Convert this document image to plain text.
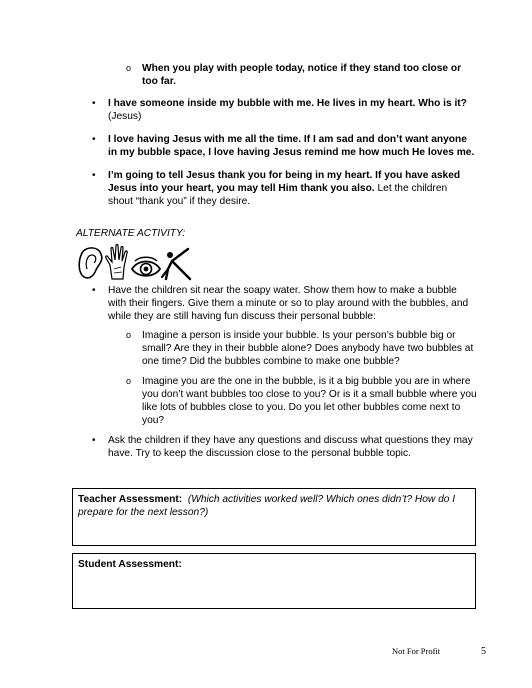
o When you play with people today, notice if they stand too close or
too far.
• I have someone inside my bubble with me. He lives in my heart. Who is it?
(Jesus)
• I love having Jesus with me all the time. If I am sad and don’t want anyone
in my bubble space, I love having Jesus remind me how much He loves me.
• I’m going to tell Jesus thank you for being in my heart. If you have asked
Jesus into your heart, you may tell Him thank you also. Let the children
shout “thank you” if they desire.
ALTERNATE ACTIVITY:
• Have the children sit near the soapy water. Show them how to make a bubble
with their fingers. Give them a minute or so to play around with the bubbles, and
while they are still having fun discuss their personal bubble:
o Imagine a person is inside your bubble. Is your person’s bubble big or
small? Are they in their bubble alone? Does anybody have two bubbles at
one time? Did the bubbles combine to make one bubble?
o Imagine you are the one in the bubble, is it a big bubble you are in where
you don’t want bubbles too close to you? Or is it a small bubble where you
like lots of bubbles close to you. Do you let other bubbles come next to
you?
• Ask the children if they have any questions and discuss what questions they may
have. Try to keep the discussion close to the personal bubble topic.
Teacher Assessment: (Which activities worked well? Which ones didn’t? How do I
prepare for the next lesson?)
Student Assessment:
Not For Profit	5
